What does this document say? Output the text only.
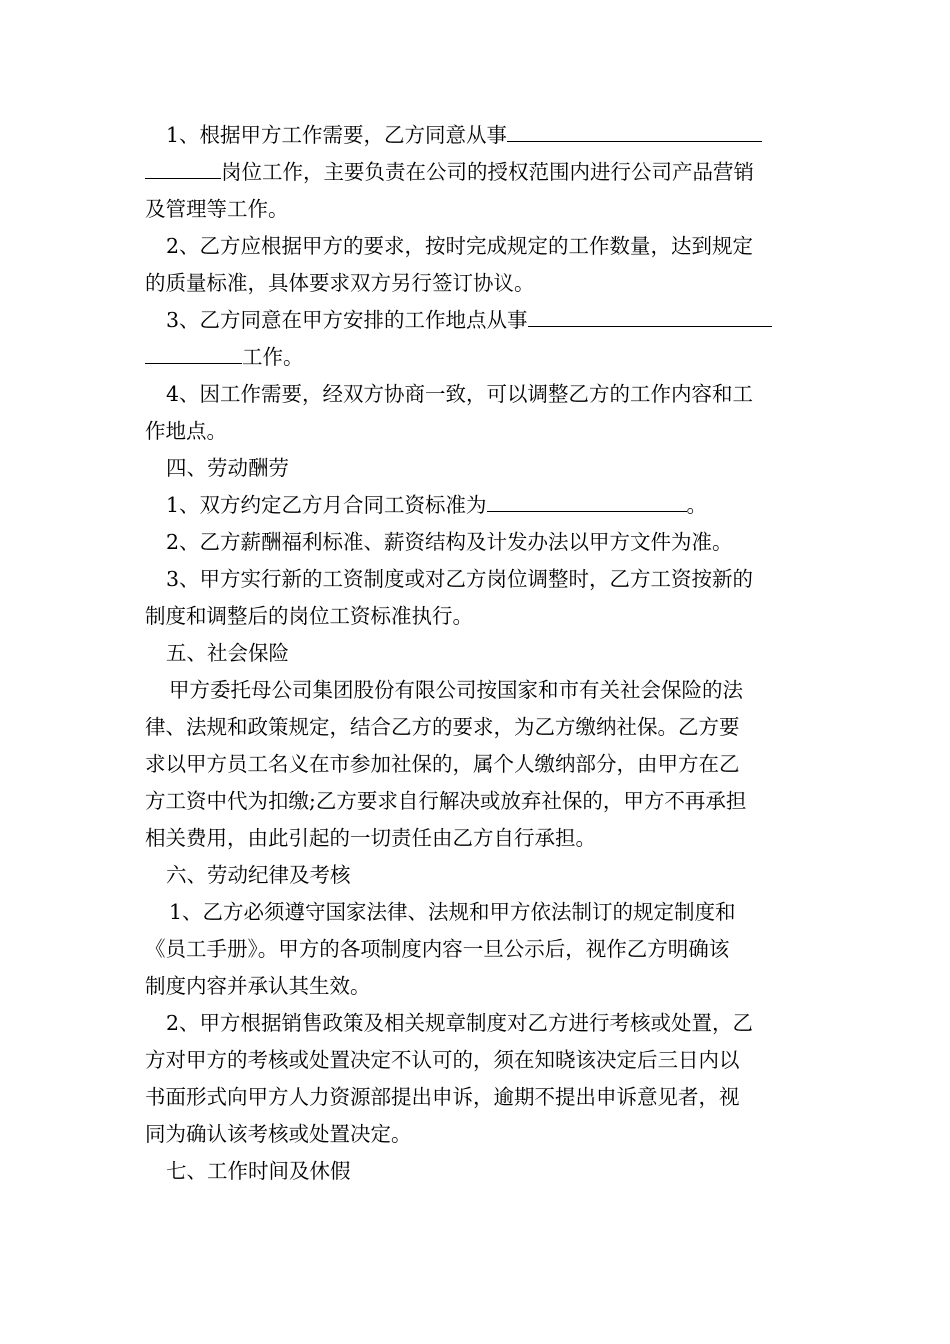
1、根据甲方工作需要，乙方同意从事
岗位工作，主要负责在公司的授权范围内进行公司产品营销
及管理等工作。
2、乙方应根据甲方的要求，按时完成规定的工作数量，达到规定
的质量标准，具体要求双方另行签订协议。
3、乙方同意在甲方安排的工作地点从事
工作。
4、因工作需要，经双方协商一致，可以调整乙方的工作内容和工
作地点。
四、劳动酬劳
1、双方约定乙方月合同工资标准为	。
2、乙方薪酬福利标准、薪资结构及计发办法以甲方文件为准。
3、甲方实行新的工资制度或对乙方岗位调整时，乙方工资按新的
制度和调整后的岗位工资标准执行。
五、社会保险
甲方委托母公司集团股份有限公司按国家和市有关社会保险的法
律、法规和政策规定，结合乙方的要求，为乙方缴纳社保。乙方要
求以甲方员工名义在市参加社保的，属个人缴纳部分，由甲方在乙
方工资中代为扣缴;乙方要求自行解决或放弃社保的，甲方不再承担
相关费用，由此引起的一切责任由乙方自行承担。
六、劳动纪律及考核
1、乙方必须遵守国家法律、法规和甲方依法制订的规定制度和
《员工手册》。甲方的各项制度内容一旦公示后，视作乙方明确该
制度内容并承认其生效。
2、甲方根据销售政策及相关规章制度对乙方进行考核或处置，乙
方对甲方的考核或处置决定不认可的，须在知晓该决定后三日内以
书面形式向甲方人力资源部提出申诉，逾期不提出申诉意见者，视
同为确认该考核或处置决定。
七、工作时间及休假
